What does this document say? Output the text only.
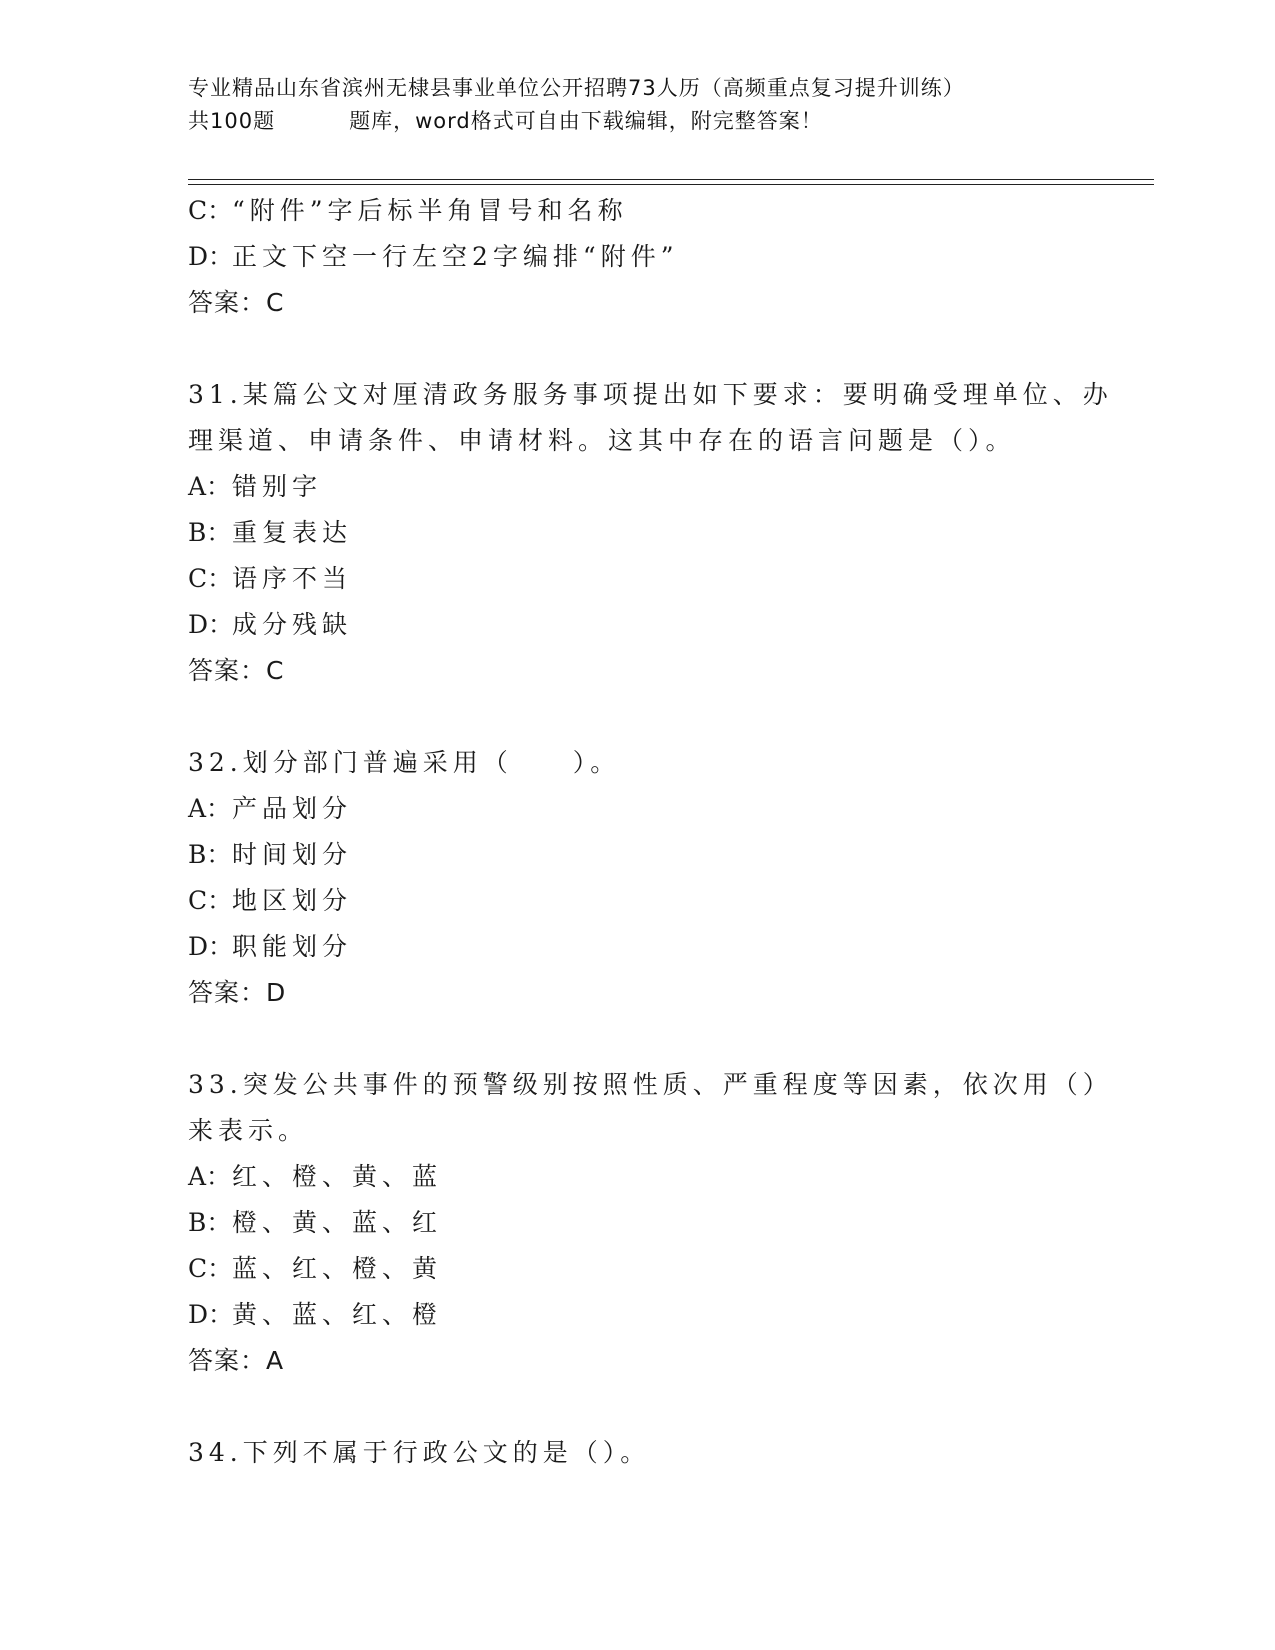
专业精品山东省滨州无棣县事业单位公开招聘73人历（高频重点复习提升训练）
共100题	题库，word格式可自由下载编辑，附完整答案！
C：“附件”字后标半角冒号和名称
D：正文下空一行左空2字编排“附件”
答案：C
31.某篇公文对厘清政务服务事项提出如下要求：要明确受理单位、办
理渠道、申请条件、申请材料。这其中存在的语言问题是（）。
A：错别字
B：重复表达
C：语序不当
D：成分残缺
答案：C
32.划分部门普遍采用（　　）。
A：产品划分
B：时间划分
C：地区划分
D：职能划分
答案：D
33.突发公共事件的预警级别按照性质、严重程度等因素，依次用（）
来表示。
A：红、橙、黄、蓝
B：橙、黄、蓝、红
C：蓝、红、橙、黄
D：黄、蓝、红、橙
答案：A
34.下列不属于行政公文的是（）。
